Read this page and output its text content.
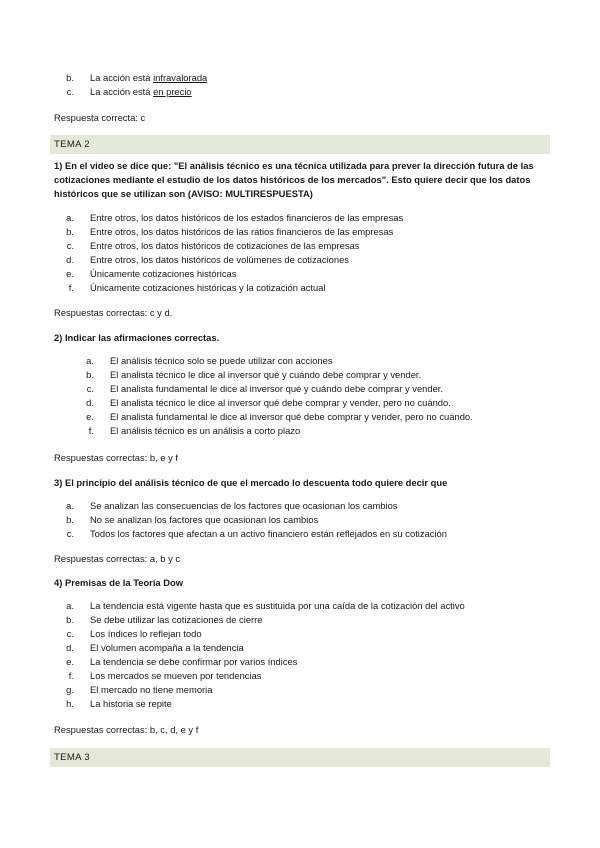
b. La acción está infravalorada
c. La acción está en precio
Respuesta correcta: c
TEMA 2
1) En el video se dice que: "El análisis técnico es una técnica utilizada para prever la dirección futura de las cotizaciones mediante el estudio de los datos históricos de los mercados". Esto quiere decir que los datos históricos que se utilizan son (AVISO: MULTIRESPUESTA)
a. Entre otros, los datos históricos de los estados financieros de las empresas
b. Entre otros, los datos históricos de las ratios financieros de las empresas
c. Entre otros, los datos históricos de cotizaciones de las empresas
d. Entre otros, los datos históricos de volúmenes de cotizaciones
e. Únicamente cotizaciones históricas
f. Únicamente cotizaciones históricas y la cotización actual
Respuestas correctas: c y d.
2) Indicar las afirmaciones correctas.
a. El análisis técnico solo se puede utilizar con acciones
b. El analista técnico le dice al inversor qué y cuándo debe comprar y vender.
c. El analista fundamental le dice al inversor qué y cuándo debe comprar y vender.
d. El analista técnico le dice al inversor qué debe comprar y vender, pero no cuándo.
e. El analista fundamental le dice al inversor qué debe comprar y vender, pero no cuándo.
f. El análisis técnico es un análisis a corto plazo
Respuestas correctas: b, e y f
3) El principio del análisis técnico de que el mercado lo descuenta todo quiere decir que
a. Se analizan las consecuencias de los factores que ocasionan los cambios
b. No se analizan los factores que ocasionan los cambios
c. Todos los factores que afectan a un activo financiero están reflejados en su cotización
Respuestas correctas: a, b y c
4) Premisas de la Teoría Dow
a. La tendencia está vigente hasta que es sustituida por una caída de la cotización del activo
b. Se debe utilizar las cotizaciones de cierre
c. Los índices lo reflejan todo
d. El volumen acompaña a la tendencia
e. La tendencia se debe confirmar por varios índices
f. Los mercados se mueven por tendencias
g. El mercado no tiene memoria
h. La historia se repite
Respuestas correctas: b, c, d, e y f
TEMA 3
